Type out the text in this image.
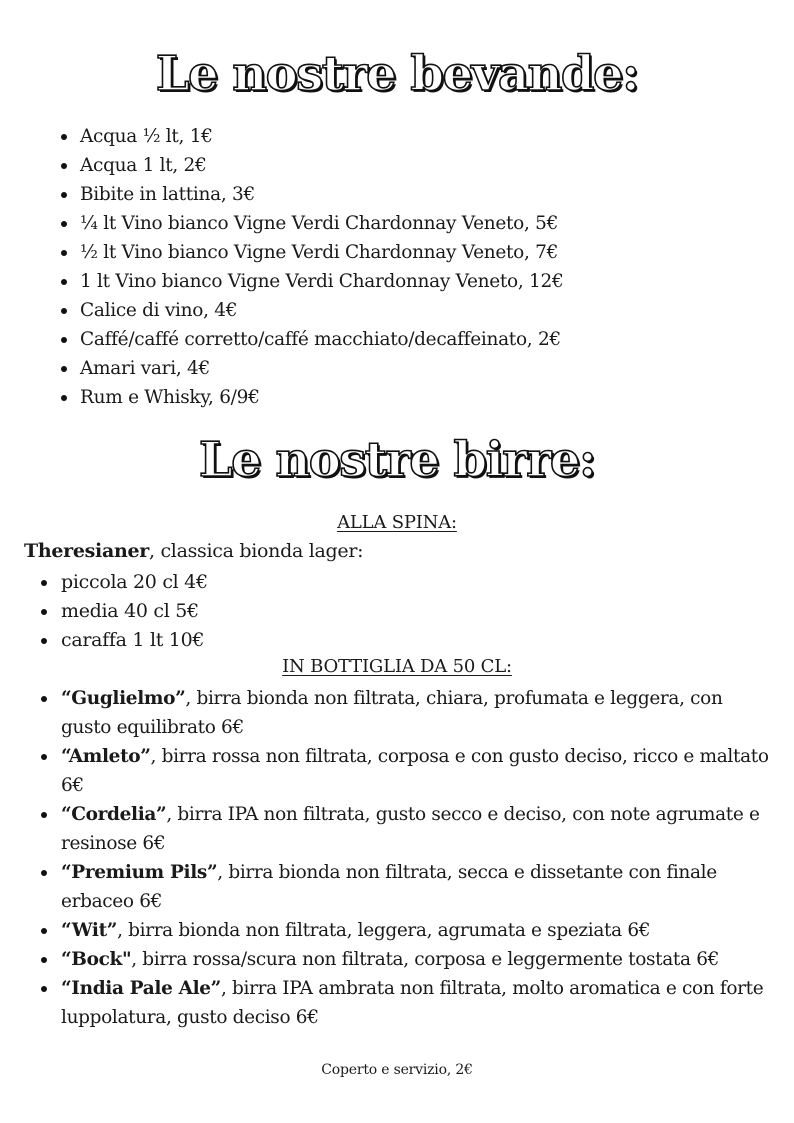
Le nostre bevande:
Acqua ½ lt, 1€
Acqua 1 lt, 2€
Bibite in lattina, 3€
¼ lt Vino bianco Vigne Verdi Chardonnay Veneto, 5€
½ lt Vino bianco Vigne Verdi Chardonnay Veneto, 7€
1 lt Vino bianco Vigne Verdi Chardonnay Veneto, 12€
Calice di vino, 4€
Caffé/caffé corretto/caffé macchiato/decaffeinato, 2€
Amari vari, 4€
Rum e Whisky, 6/9€
Le nostre birre:
ALLA SPINA:

Theresianer, classica bionda lager:

piccola 20 cl 4€
media 40 cl 5€
caraffa 1 lt 10€
IN BOTTIGLIA DA 50 CL:
“Guglielmo”, birra bionda non filtrata, chiara, profumata e leggera, con gusto equilibrato 6€
“Amleto”, birra rossa non filtrata, corposa e con gusto deciso, ricco e maltato 6€
“Cordelia”, birra IPA non filtrata, gusto secco e deciso, con note agrumate e resinose 6€
“Premium Pils”, birra bionda non filtrata, secca e dissetante con finale erbaceo 6€
“Wit”, birra bionda non filtrata, leggera, agrumata e speziata 6€
“Bock", birra rossa/scura non filtrata, corposa e leggermente tostata 6€
“India Pale Ale”, birra IPA ambrata non filtrata, molto aromatica e con forte luppolatura, gusto deciso 6€

Coperto e servizio, 2€
